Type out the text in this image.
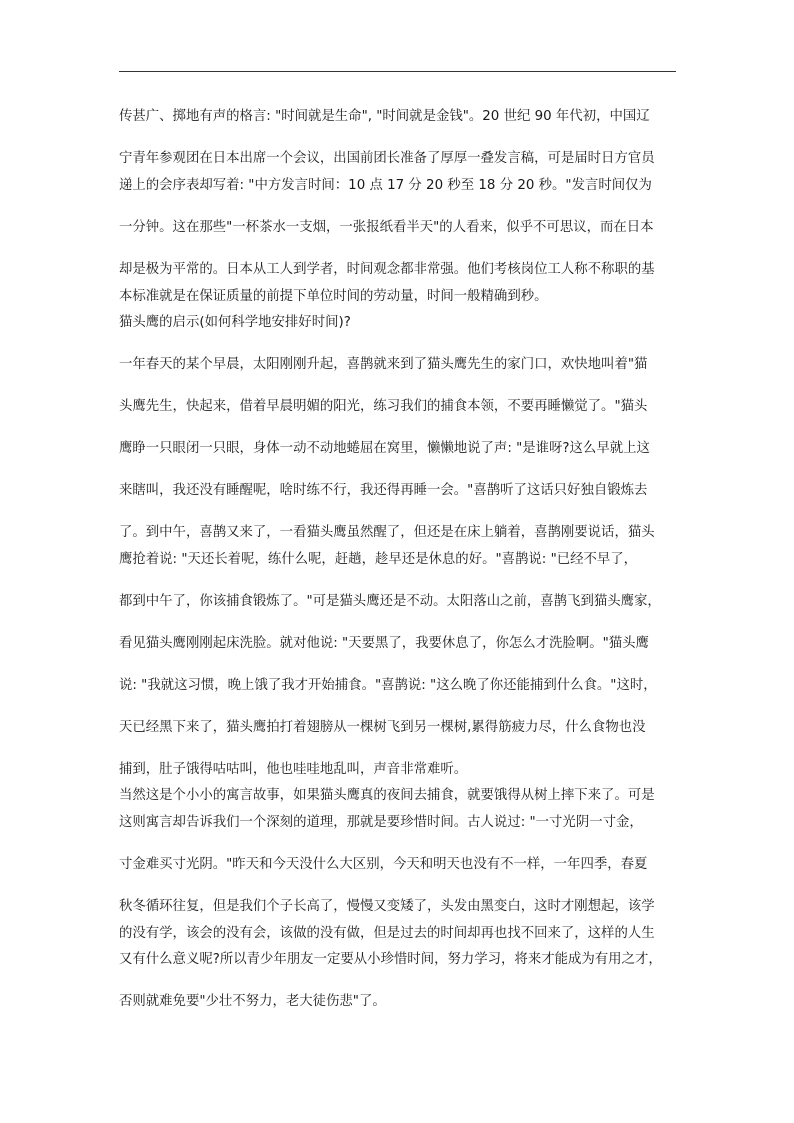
传甚广、掷地有声的格言: "时间就是生命", "时间就是金钱"。20 世纪 90 年代初，中国辽
宁青年参观团在日本出席一个会议，出国前团长准备了厚厚一叠发言稿，可是届时日方官员
递上的会序表却写着: "中方发言时间：10 点 17 分 20 秒至 18 分 20 秒。"发言时间仅为
一分钟。这在那些"一杯茶水一支烟，一张报纸看半天"的人看来，似乎不可思议，而在日本
却是极为平常的。日本从工人到学者，时间观念都非常强。他们考核岗位工人称不称职的基
本标准就是在保证质量的前提下单位时间的劳动量，时间一般精确到秒。
猫头鹰的启示(如何科学地安排好时间)?
一年春天的某个早晨，太阳刚刚升起，喜鹊就来到了猫头鹰先生的家门口，欢快地叫着"猫
头鹰先生，快起来，借着早晨明媚的阳光，练习我们的捕食本领，不要再睡懒觉了。"猫头
鹰睁一只眼闭一只眼，身体一动不动地蜷屈在窝里，懒懒地说了声: "是谁呀?这么早就上这
来瞎叫，我还没有睡醒呢，啥时练不行，我还得再睡一会。"喜鹊听了这话只好独自锻炼去
了。到中午，喜鹊又来了，一看猫头鹰虽然醒了，但还是在床上躺着，喜鹊刚要说话，猫头
鹰抢着说: "天还长着呢，练什么呢，赶趟，趁早还是休息的好。"喜鹊说: "已经不早了，
都到中午了，你该捕食锻炼了。"可是猫头鹰还是不动。太阳落山之前，喜鹊飞到猫头鹰家，
看见猫头鹰刚刚起床洗脸。就对他说: "天要黑了，我要休息了，你怎么才洗脸啊。"猫头鹰
说: "我就这习惯，晚上饿了我才开始捕食。"喜鹊说: "这么晚了你还能捕到什么食。"这时，
天已经黑下来了，猫头鹰拍打着翅膀从一棵树飞到另一棵树,累得筋疲力尽，什么食物也没
捕到，肚子饿得咕咕叫，他也哇哇地乱叫，声音非常难听。
当然这是个小小的寓言故事，如果猫头鹰真的夜间去捕食，就要饿得从树上摔下来了。可是
这则寓言却告诉我们一个深刻的道理，那就是要珍惜时间。古人说过: "一寸光阴一寸金，
寸金难买寸光阴。"昨天和今天没什么大区别，今天和明天也没有不一样，一年四季，春夏
秋冬循环往复，但是我们个子长高了，慢慢又变矮了，头发由黑变白，这时才刚想起，该学
的没有学，该会的没有会，该做的没有做，但是过去的时间却再也找不回来了，这样的人生
又有什么意义呢?所以青少年朋友一定要从小珍惜时间，努力学习，将来才能成为有用之才，
否则就难免要"少壮不努力，老大徒伤悲"了。
